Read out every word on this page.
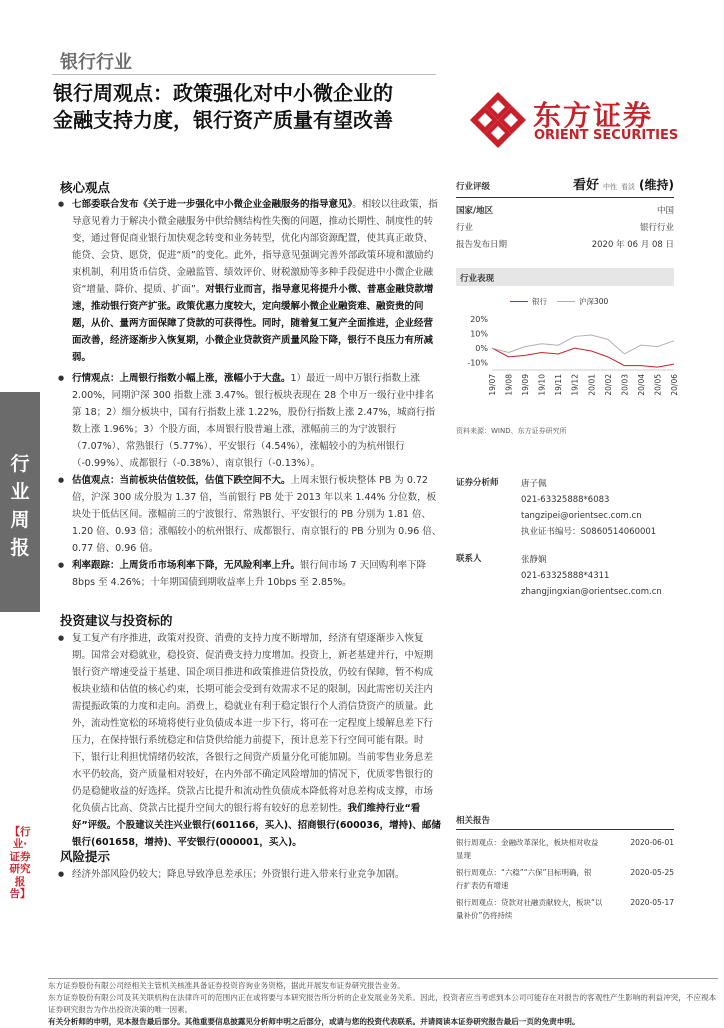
银行行业
银行周观点：政策强化对中小微企业的
金融支持力度，银行资产质量有望改善	东方证券
ORIENT SECURITIES
行
业
周
报
【行业·证券研究报告】
核心观点
● 七部委联合发布《关于进一步强化中小微企业金融服务的指导意见》。相较以往政策，指导意见着力于解决小微金融服务中供给侧结构性失衡的问题，推动长期性、制度性的转变，通过督促商业银行加快观念转变和业务转型，优化内部资源配置，使其真正敢贷、能贷、会贷、愿贷，促进“质”的变化。此外，指导意见强调完善外部政策环境和激励约束机制，利用货币信贷、金融监管、绩效评价、财税激励等多种手段促进中小微企业融资“增量、降价、提质、扩面”。对银行业而言，指导意见将提升小微、普惠金融贷款增速，推动银行资产扩张。政策优惠力度较大，定向缓解小微企业融资难、融资贵的问题，从价、量两方面保障了贷款的可获得性。同时，随着复工复产全面推进，企业经营面改善，经济逐渐步入恢复期，小微企业贷款资产质量风险下降，银行不良压力有所减弱。
● 行情观点：上周银行指数小幅上涨，涨幅小于大盘。1）最近一周中万银行指数上涨 2.00%，同期沪深 300 指数上涨 3.47%。银行板块表现在 28 个申万一级行业中排名第 18；2）细分板块中，国有行指数上涨 1.22%，股份行指数上涨 2.47%，城商行指数上涨 1.96%；3）个股方面，本周银行股普遍上涨，涨幅前三的为宁波银行（7.07%）、常熟银行（5.77%）、平安银行（4.54%），涨幅较小的为杭州银行（-0.99%）、成都银行（-0.38%）、南京银行（-0.13%）。
● 估值观点：当前板块估值较低，估值下跌空间不大。上周末银行板块整体 PB 为 0.72 倍，沪深 300 成分股为 1.37 倍，当前银行 PB 处于 2013 年以来 1.44% 分位数，板块处于低估区间。涨幅前三的宁波银行、常熟银行、平安银行的 PB 分别为 1.81 倍、1.20 倍、0.93 倍；涨幅较小的杭州银行、成都银行、南京银行的 PB 分别为 0.96 倍、0.77 倍、0.96 倍。
● 利率跟踪：上周货币市场利率下降，无风险利率上升。银行间市场 7 天回购利率下降 8bps 至 4.26%；十年期国债到期收益率上升 10bps 至 2.85%。
投资建议与投资标的
● 复工复产有序推进，政策对投资、消费的支持力度不断增加，经济有望逐渐步入恢复期。国常会对稳就业，稳投资、促消费支持力度增加。投资上，新老基建并行，中短期银行资产增速受益于基建、国企项目推进和政策推进信贷投放，仍较有保障，暂不构成板块业绩和估值的核心约束，长期可能会受到有效需求不足的限制，因此需密切关注内需提振政策的力度和走向。消费上，稳就业有利于稳定银行个人消信贷资产的质量。此外，流动性宽松的环境将使行业负债成本进一步下行，将可在一定程度上缓解息差下行压力，在保持银行系统稳定和信贷供给能力前提下，预计息差下行空间可能有限。时下，银行让利担忧情绪仍较浓，各银行之间资产质量分化可能加剧。当前零售业务息差水平仍较高，资产质量相对较好，在内外部不确定风险增加的情况下，优质零售银行的仍是稳健收益的好选择。贷款占比提升和流动性负债成本降低将对息差构成支撑，市场化负债占比高、贷款占比提升空间大的银行将有较好的息差韧性。我们维持行业“看好”评级。个股建议关注兴业银行(601166，买入)、招商银行(600036，增持)、邮储银行(601658，增持)、平安银行(000001，买入)。
风险提示
● 经济外部风险仍较大；降息导致净息差承压；外资银行进入带来行业竞争加剧。
行业评级	看好 中性 看淡 (维持)
国家/地区	中国
行业	银行行业
报告发布日期	2020 年 06 月 08 日
行业表现
银行	沪深300
20%
10%
0%
-10%
19/07 19/08 19/09 19/10 19/11 19/12 20/01 20/02 20/03 20/04 20/05 20/06
资料来源：WIND、东方证券研究所
证券分析师	唐子佩
021-63325888*6083
tangzipei@orientsec.com.cn
执业证书编号：S0860514060001
联系人	张静娴
021-63325888*4311
zhangjingxian@orientsec.com.cn
相关报告
银行周观点：金融改革深化，板块相对收益
显现
2020-06-01
银行周观点：“六稳”“六保”目标明确，银
行扩表仍有增速
2020-05-25
银行周观点：贷款对社融贡献较大，板块“以
量补价”仍将持续
2020-05-17
东方证券股份有限公司经相关主管机关核准具备证券投资咨询业务资格，据此开展发布证券研究报告业务。
东方证券股份有限公司及其关联机构在法律许可的范围内正在或将要与本研究报告所分析的企业发展业务关系。因此，投资者应当考虑到本公司可能存在对报告的客观性产生影响的利益冲突，不应视本证券研究报告为作出投资决策的唯一因素。
有关分析师的申明，见本报告最后部分。其他重要信息披露见分析师申明之后部分，或请与您的投资代表联系。并请阅读本证券研究报告最后一页的免责申明。
